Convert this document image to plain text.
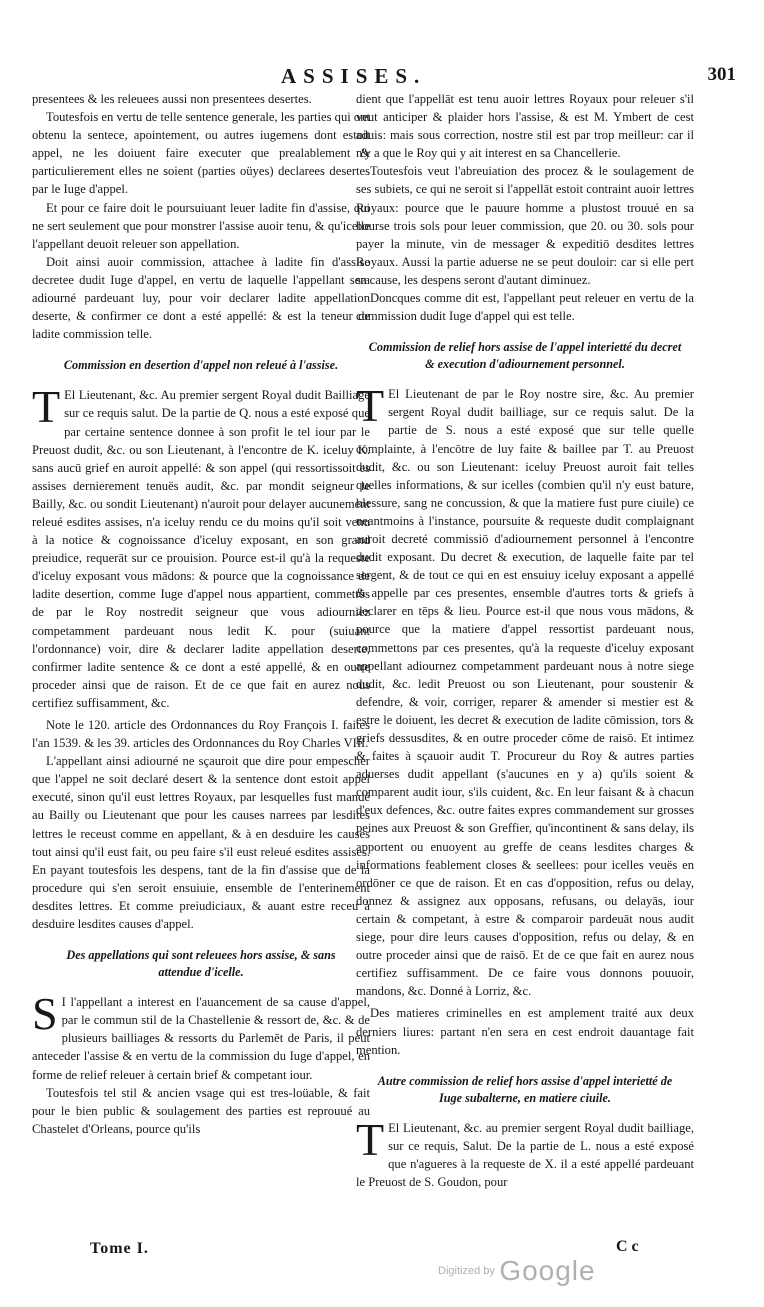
ASSISES.	301

presentees & les releuees aussi non presentees desertes.

Toutesfois en vertu de telle sentence generale, les parties qui ont obtenu la sentece, apointement, ou autres iugemens dont estoit appel, ne les doiuent faire executer que prealablement & particulierement elles ne soient (parties oüyes) declarees desertes par le Iuge d'appel.

Et pour ce faire doit le poursuiuant leuer ladite fin d'assise, qui ne sert seulement que pour monstrer l'assise auoir tenu, & qu'icelle l'appellant deuoit releuer son appellation.

Doit ainsi auoir commission, attachee à ladite fin d'assise decretee dudit Iuge d'appel, en vertu de laquelle l'appellant sera adiourné pardeuant luy, pour voir declarer ladite appellation deserte, & confirmer ce dont a esté appellé: & est la teneur de ladite commission telle.

Commission en desertion d'appel non releué à l'assise.

T El Lieutenant, &c. Au premier sergent Royal dudit Bailliage sur ce requis salut. De la partie de Q. nous a esté exposé que par certaine sentence donnee à son profit le tel iour par le Preuost dudit, &c. ou son Lieutenant, à l'encontre de K. iceluy K. sans aucū grief en auroit appellé: & son appel (qui ressortissoit es assises dernierement tenuës audit, &c. par mondit seigneur le Bailly, &c. ou sondit Lieutenant) n'auroit pour delayer aucunement releué esdites assises, n'a iceluy rendu ce du moins qu'il soit venu à la notice & cognoissance d'iceluy exposant, en son grand preiudice, requerāt sur ce prouision. Pource est-il qu'à la requeste d'iceluy exposant vous mādons: & pource que la cognoissance de ladite desertion, comme Iuge d'appel nous appartient, commettōs de par le Roy nostredit seigneur que vous adiourniez competamment pardeuant nous ledit K. pour (suiuant l'ordonnance) voir, dire & declarer ladite appellation deserte, confirmer ladite sentence & ce dont a esté appellé, & en outre proceder ainsi que de raison. Et de ce que fait en aurez nous certifiez suffisamment, &c.

Note le 120. article des Ordonnances du Roy François I. faites l'an 1539. & les 39. articles des Ordonnances du Roy Charles VIII.

L'appellant ainsi adiourné ne sçauroit que dire pour empescher que l'appel ne soit declaré desert & la sentence dont estoit appel executé, sinon qu'il eust lettres Royaux, par lesquelles fust mandé au Bailly ou Lieutenant que pour les causes narrees par lesdites lettres le receust comme en appellant, & à en desduire les causes tout ainsi qu'il eust fait, ou peu faire s'il eust releué esdites assises. En payant toutesfois les despens, tant de la fin d'assise que de la procedure qui s'en seroit ensuiuie, ensemble de l'enterinement desdites lettres. Et comme preiudiciaux, & auant estre receu à desduire lesdites causes d'appel.

Des appellations qui sont releuees hors assise, & sans attendue d'icelle.

S I l'appellant a interest en l'auancement de sa cause d'appel, par le commun stil de la Chastellenie & ressort de, &c. & de plusieurs bailliages & ressorts du Parlemēt de Paris, il peut anteceder l'assise & en vertu de la commission du Iuge d'appel, en forme de relief releuer à certain brief & competant iour.

Toutesfois tel stil & ancien vsage qui est tres-loüable, & fait pour le bien public & soulagement des parties est reprouué au Chastelet d'Orleans, pource qu'ils

dient que l'appellāt est tenu auoir lettres Royaux pour releuer s'il veut anticiper & plaider hors l'assise, & est M. Ymbert de cest aduis: mais sous correction, nostre stil est par trop meilleur: car il n'y a que le Roy qui y ait interest en sa Chancellerie.

Toutesfois veut l'abreuiation des procez & le soulagement de ses subiets, ce qui ne seroit si l'appellāt estoit contraint auoir lettres Royaux: pource que le pauure homme a plustost trouué en sa bourse trois sols pour leuer commission, que 20. ou 30. sols pour payer la minute, vin de messager & expeditiō desdites lettres Royaux. Aussi la partie aduerse ne se peut douloir: car si elle pert sa cause, les despens seront d'autant diminuez.

Doncques comme dit est, l'appellant peut releuer en vertu de la commission dudit Iuge d'appel qui est telle.

Commission de relief hors assise de l'appel interietté du decret & execution d'adiournement personnel.

T El Lieutenant de par le Roy nostre sire, &c. Au premier sergent Royal dudit bailliage, sur ce requis salut. De la partie de S. nous a esté exposé que sur telle quelle complainte, à l'encōtre de luy faite & baillee par T. au Preuost dudit, &c. ou son Lieutenant: iceluy Preuost auroit fait telles quelles informations, & sur icelles (combien qu'il n'y eust bature, blessure, sang ne concussion, & que la matiere fust pure ciuile) ce neantmoins à l'instance, poursuite & requeste dudit complaignant auroit decreté commissiō d'adiournement personnel à l'encontre dudit exposant. Du decret & execution, de laquelle faite par tel sergent, & de tout ce qui en est ensuiuy iceluy exposant a appellé & appelle par ces presentes, ensemble d'autres torts & griefs à declarer en tēps & lieu. Pource est-il que nous vous mādons, & pource que la matiere d'appel ressortist pardeuant nous, commettons par ces presentes, qu'à la requeste d'iceluy exposant appellant adiournez competamment pardeuant nous à notre siege dudit, &c. ledit Preuost ou son Lieutenant, pour soustenir & defendre, & voir, corriger, reparer & amender si mestier est & estre le doiuent, les decret & execution de ladite cōmission, tors & griefs dessusdites, & en outre proceder cōme de raisō. Et intimez & faites à sçauoir audit T. Procureur du Roy & autres parties aduerses dudit appellant (s'aucunes en y a) qu'ils soient & comparent audit iour, s'ils cuident, &c. En leur faisant & à chacun d'eux defences, &c. outre faites expres commandement sur grosses peines aux Preuost & son Greffier, qu'incontinent & sans delay, ils apportent ou enuoyent au greffe de ceans lesdites charges & informations feablement closes & seellees: pour icelles veuës en ordōner ce que de raison. Et en cas d'opposition, refus ou delay, donnez & assignez aux opposans, refusans, ou delayās, iour certain & competant, à estre & comparoir pardeuāt nous audit siege, pour dire leurs causes d'opposition, refus ou delay, & en outre proceder ainsi que de raisō. Et de ce que fait en aurez nous certifiez suffisamment. De ce faire vous donnons pouuoir, mandons, &c. Donné à Lorriz, &c.

Des matieres criminelles en est amplement traité aux deux derniers liures: partant n'en sera en cest endroit dauantage fait mention.

Autre commission de relief hors assise d'appel interietté de Iuge subalterne, en matiere ciuile.

T El Lieutenant, &c. au premier sergent Royal dudit bailliage, sur ce requis, Salut. De la partie de L. nous a esté exposé que n'agueres à la requeste de X. il a esté appellé pardeuant le Preuost de S. Goudon, pour

Tome I.	C c
Digitized by Google
